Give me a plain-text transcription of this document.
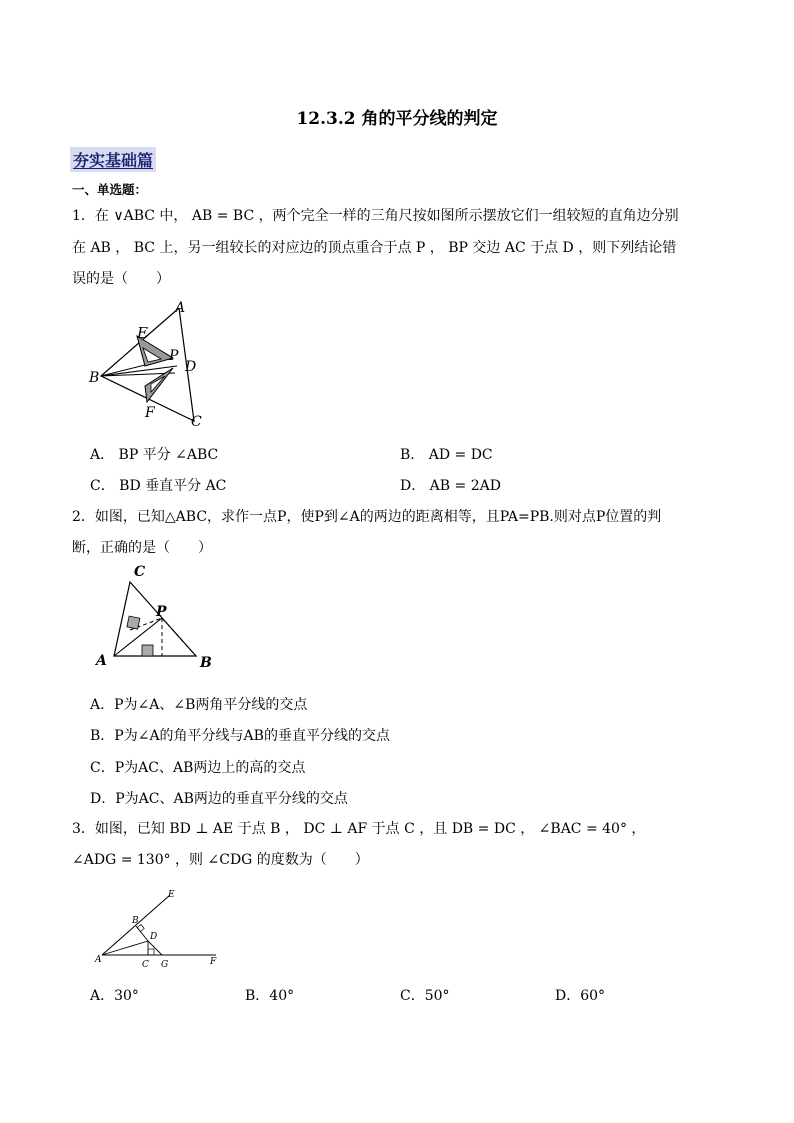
12.3.2 角的平分线的判定
夯实基础篇
一、单选题：
1．在 ∨ABC 中， AB = BC ，两个完全一样的三角尺按如图所示摆放它们一组较短的直角边分别
在 AB ， BC 上，另一组较长的对应边的顶点重合于点 P ， BP 交边 AC 于点 D ，则下列结论错
误的是（　　）
A
E
P
D
B
F
C
A． BP 平分 ∠ABC	B． AD = DC
C． BD 垂直平分 AC	D． AB = 2AD
2．如图，已知△ABC，求作一点P，使P到∠A的两边的距离相等，且PA=PB.则对点P位置的判
断，正确的是（　　）
C
P
A	B
A．P为∠A、∠B两角平分线的交点
B．P为∠A的角平分线与AB的垂直平分线的交点
C．P为AC、AB两边上的高的交点
D．P为AC、AB两边的垂直平分线的交点
3．如图，已知 BD ⊥ AE 于点 B ， DC ⊥ AF 于点 C ，且 DB = DC ， ∠BAC = 40° ，
∠ADG = 130° ，则 ∠CDG 的度数为（　　）
E
B
D
A	C G	F
A．30°	B．40°	C．50°	D．60°
